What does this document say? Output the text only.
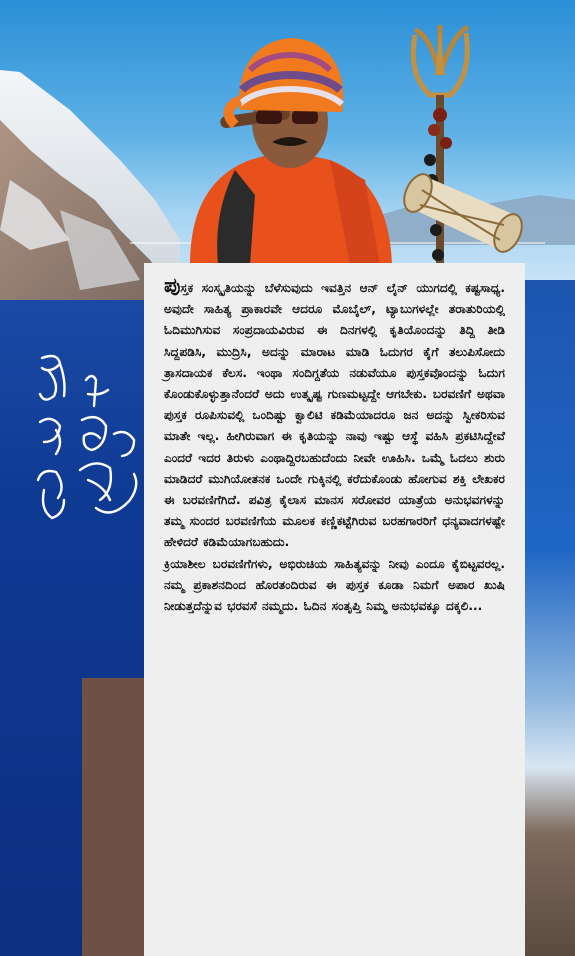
ಪುಸ್ತಕ ಸಂಸ್ಕೃತಿಯನ್ನು ಬೆಳೆಸುವುದು ಇವತ್ತಿನ ಆನ್ ಲೈನ್ ಯುಗದಲ್ಲಿ ಕಷ್ಟಸಾಧ್ಯ. ಅವುದೇ ಸಾಹಿತ್ಯ ಪ್ರಾಕಾರವೇ ಆದರೂ ಮೊಬೈಲ್, ಟ್ಯಾಬುಗಳಲ್ಲೇ ತರಾತುರಿಯಲ್ಲಿ ಓದಿಮುಗಿಸುವ ಸಂಪ್ರದಾಯವಿರುವ ಈ ದಿನಗಳಲ್ಲಿ ಕೃತಿಯೊಂದನ್ನು ತಿದ್ದಿ ತೀಡಿ ಸಿದ್ದಪಡಿಸಿ, ಮುದ್ರಿಸಿ, ಅದನ್ನು ಮಾರಾಟ ಮಾಡಿ ಓದುಗರ ಕೈಗೆ ತಲುಪಿಸೋದು ತ್ರಾಸದಾಯಕ ಕೆಲಸ. ಇಂಥಾ ಸಂದಿಗ್ದತೆಯ ನಡುವೆಯೂ ಪುಸ್ತಕವೊಂದನ್ನು ಓದುಗ ಕೊಂಡುಕೊಳ್ಳುತ್ತಾನೆಂದರೆ ಅದು ಉತ್ಕೃಷ್ಟ ಗುಣಮಟ್ಟದ್ದೇ ಆಗಬೇಕು. ಬರವಣಿಗೆ ಅಥವಾ ಪುಸ್ತಕ ರೂಪಿಸುವಲ್ಲಿ ಒಂದಿಷ್ಟು ಕ್ವಾಲಿಟಿ ಕಡಿಮೆಯಾದರೂ ಜನ ಅದನ್ನು ಸ್ವೀಕರಿಸುವ ಮಾತೇ ಇಲ್ಲ. ಹೀಗಿರುವಾಗ ಈ ಕೃತಿಯನ್ನು ನಾವು ಇಷ್ಟು ಆಸ್ಥೆ ವಹಿಸಿ ಪ್ರಕಟಿಸಿದ್ದೇವೆ ಎಂದರೆ ಇದರ ತಿರುಳು ಎಂಥಾದ್ದಿರಬಹುದೆಂದು ನೀವೇ ಊಹಿಸಿ. ಒಮ್ಮೆ ಓದಲು ಶುರು ಮಾಡಿದರೆ ಮುಗಿಯೋತನಕ ಒಂದೇ ಗುಕ್ಕಿನಲ್ಲಿ ಕರೆದುಕೊಂಡು ಹೋಗುವ ಶಕ್ತಿ ಲೇಖಕರ ಈ ಬರವಣಿಗೆಗಿದೆ. ಪವಿತ್ರ ಕೈಲಾಸ ಮಾನಸ ಸರೋವರ ಯಾತ್ರೆಯ ಅನುಭವಗಳನ್ನು ತಮ್ಮ ಸುಂದರ ಬರವಣಿಗೆಯ ಮೂಲಕ ಕಣ್ಣಿಕಟ್ಟೆಗಿರುವ ಬರಹಗಾರರಿಗೆ ಧನ್ಯವಾದಗಳಷ್ಟೇ ಹೇಳಿದರೆ ಕಡಿಮೆಯಾಗಬಹುದು.

ಕ್ರಿಯಾಶೀಲ ಬರವಣಿಗೆಗಳು, ಅಭಿರುಚಿಯ ಸಾಹಿತ್ಯವನ್ನು ನೀವು ಎಂದೂ ಕೈಬಿಟ್ಟವರಲ್ಲ. ನಮ್ಮ ಪ್ರಕಾಶನದಿಂದ ಹೊರತಂದಿರುವ ಈ ಪುಸ್ತಕ ಕೂಡಾ ನಿಮಗೆ ಅಪಾರ ಖುಷಿ ನೀಡುತ್ತದೆನ್ನುವ ಭರವಸೆ ನಮ್ಮದು. ಓದಿನ ಸಂತೃಪ್ತಿ ನಿಮ್ಮ ಅನುಭವಕ್ಕೂ ದಕ್ಕಲಿ...
